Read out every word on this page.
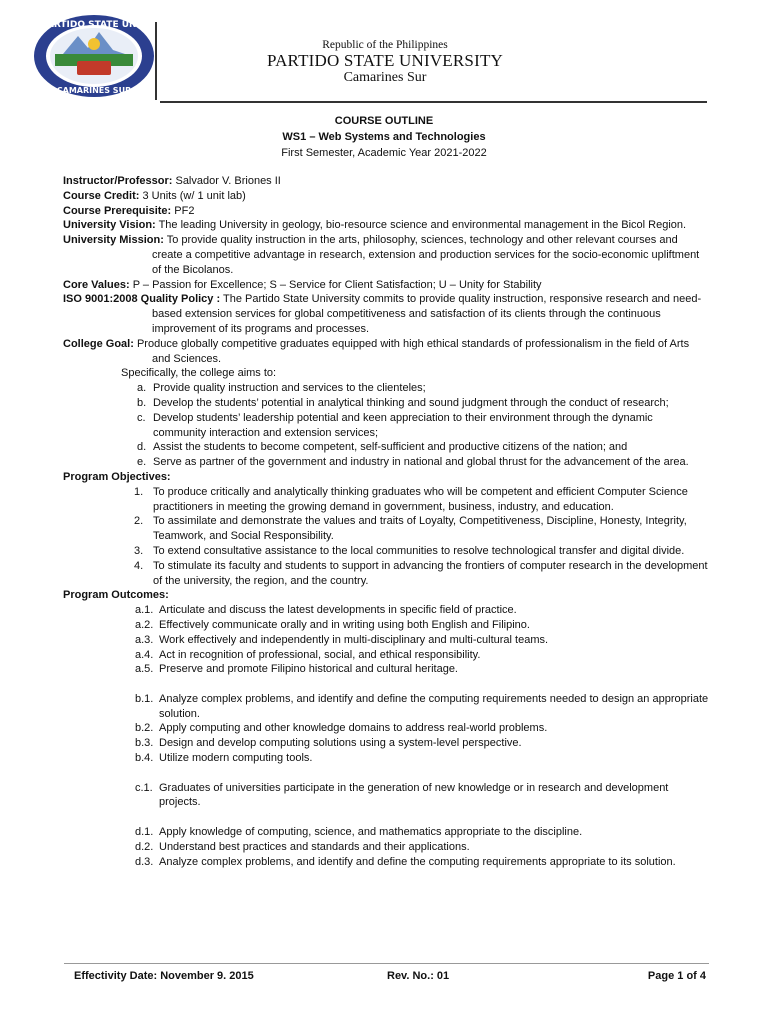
PARTIDO STATE UNIV
CAMARINES SUR
Republic of the Philippines
PARTIDO STATE UNIVERSITY
Camarines Sur
COURSE OUTLINE
WS1 – Web Systems and Technologies
First Semester, Academic Year 2021-2022

Instructor/Professor: Salvador V. Briones II

Course Credit: 3 Units (w/ 1 unit lab)

Course Prerequisite: PF2

University Vision: The leading University in geology, bio-resource science and environmental management in the Bicol Region.

University Mission: To provide quality instruction in the arts, philosophy, sciences, technology and other relevant courses and create a competitive advantage in research, extension and production services for the socio-economic upliftment of the Bicolanos.

Core Values: P – Passion for Excellence; S – Service for Client Satisfaction; U – Unity for Stability

ISO 9001:2008 Quality Policy : The Partido State University commits to provide quality instruction, responsive research and need-based extension services for global competitiveness and satisfaction of its clients through the continuous improvement of its programs and processes.

College Goal: Produce globally competitive graduates equipped with high ethical standards of professionalism in the field of Arts and Sciences.

Specifically, the college aims to:

a. Provide quality instruction and services to the clienteles;
b. Develop the students’ potential in analytical thinking and sound judgment through the conduct of research;
c. Develop students’ leadership potential and keen appreciation to their environment through the dynamic community interaction and extension services;
d. Assist the students to become competent, self-sufficient and productive citizens of the nation; and
e. Serve as partner of the government and industry in national and global thrust for the advancement of the area.

Program Objectives:

1. To produce critically and analytically thinking graduates who will be competent and efficient Computer Science practitioners in meeting the growing demand in government, business, industry, and education.
2. To assimilate and demonstrate the values and traits of Loyalty, Competitiveness, Discipline, Honesty, Integrity, Teamwork, and Social Responsibility.
3. To extend consultative assistance to the local communities to resolve technological transfer and digital divide.
4. To stimulate its faculty and students to support in advancing the frontiers of computer research in the development of the university, the region, and the country.

Program Outcomes:

a.1. Articulate and discuss the latest developments in specific field of practice.
a.2. Effectively communicate orally and in writing using both English and Filipino.
a.3. Work effectively and independently in multi-disciplinary and multi-cultural teams.
a.4. Act in recognition of professional, social, and ethical responsibility.
a.5. Preserve and promote Filipino historical and cultural heritage.
b.1. Analyze complex problems, and identify and define the computing requirements needed to design an appropriate solution.
b.2. Apply computing and other knowledge domains to address real-world problems.
b.3. Design and develop computing solutions using a system-level perspective.
b.4. Utilize modern computing tools.
c.1. Graduates of universities participate in the generation of new knowledge or in research and development projects.
d.1. Apply knowledge of computing, science, and mathematics appropriate to the discipline.
d.2. Understand best practices and standards and their applications.
d.3. Analyze complex problems, and identify and define the computing requirements appropriate to its solution.
Effectivity Date: November 9. 2015	Rev. No.: 01	Page 1 of 4
